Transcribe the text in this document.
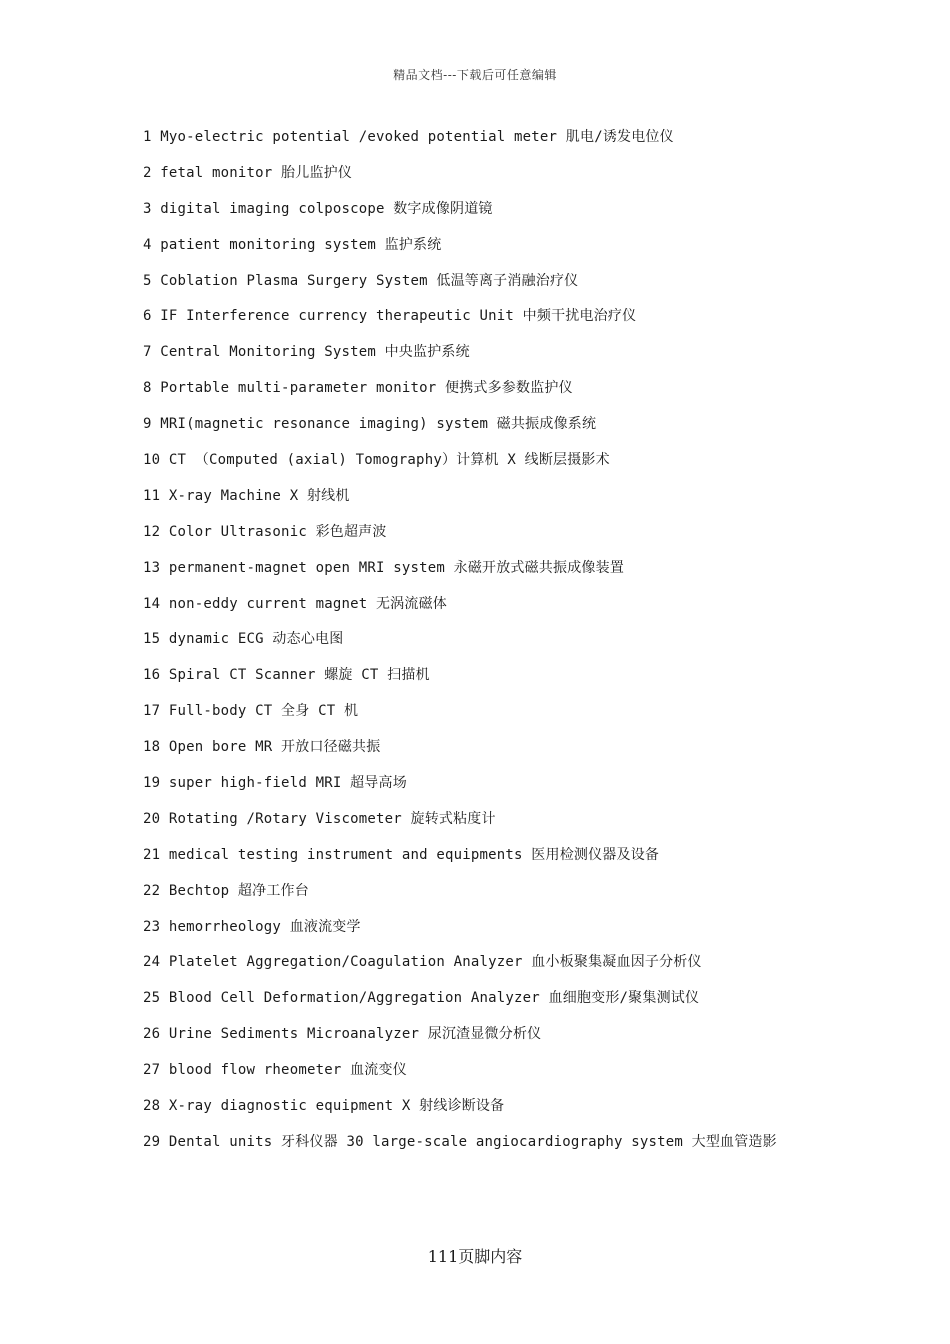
精品文档---下载后可任意编辑
1 Myo-electric potential /evoked potential meter 肌电/诱发电位仪
2 fetal monitor 胎儿监护仪
3 digital imaging colposcope 数字成像阴道镜
4 patient monitoring system 监护系统
5 Coblation Plasma Surgery System 低温等离子消融治疗仪
6 IF Interference currency therapeutic Unit 中频干扰电治疗仪
7 Central Monitoring System 中央监护系统
8 Portable multi-parameter monitor 便携式多参数监护仪
9 MRI(magnetic resonance imaging) system 磁共振成像系统
10 CT （Computed (axial) Tomography）计算机 X 线断层摄影术
11 X-ray Machine X 射线机
12 Color Ultrasonic 彩色超声波
13 permanent-magnet open MRI system 永磁开放式磁共振成像装置
14 non-eddy current magnet 无涡流磁体
15 dynamic ECG 动态心电图
16 Spiral CT Scanner 螺旋 CT 扫描机
17 Full-body CT 全身 CT 机
18 Open bore MR 开放口径磁共振
19 super high-field MRI 超导高场
20 Rotating /Rotary Viscometer 旋转式粘度计
21 medical testing instrument and equipments 医用检测仪器及设备
22 Bechtop 超净工作台
23 hemorrheology 血液流变学
24 Platelet Aggregation/Coagulation Analyzer 血小板聚集凝血因子分析仪
25 Blood Cell Deformation/Aggregation Analyzer 血细胞变形/聚集测试仪
26 Urine Sediments Microanalyzer 尿沉渣显微分析仪
27 blood flow rheometer 血流变仪
28 X-ray diagnostic equipment X 射线诊断设备
29 Dental units 牙科仪器 30 large-scale angiocardiography system 大型血管造影
111页脚内容
